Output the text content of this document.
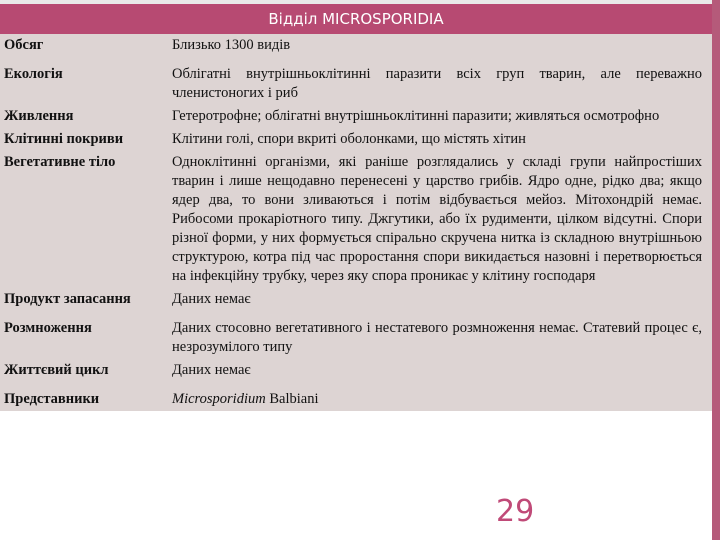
Відділ MICROSPORIDIA
Обсяг	Близько 1300 видів
Екологія	Облігатні внутрішньоклітинні паразити всіх груп тварин, але переважно членистоногих і риб
Живлення	Гетеротрофне; облігатні внутрішньоклітинні паразити; живляться осмотрофно
Клітинні покриви	Клітини голі, спори вкриті оболонками, що містять хітин
Вегетативне тіло	Одноклітинні організми, які раніше розглядались у складі групи найпростіших тварин і лише нещодавно перенесені у царство грибів. Ядро одне, рідко два; якщо ядер два, то вони зливаються і потім відбувається мейоз. Мітохондрій немає. Рибосоми прокаріотного типу. Джгутики, або їх рудименти, цілком відсутні. Спори різної форми, у них формується спірально скручена нитка із складною внутрішньою структурою, котра під час проростання спори викидається назовні і перетворюється на інфекційну трубку, через яку спора проникає у клітину господаря
Продукт запасання	Даних немає
Розмноження	Даних стосовно вегетативного і нестатевого розмноження немає. Статевий процес є, незрозумілого типу
Життєвий цикл	Даних немає
Представники	Microsporidium Balbiani
29
